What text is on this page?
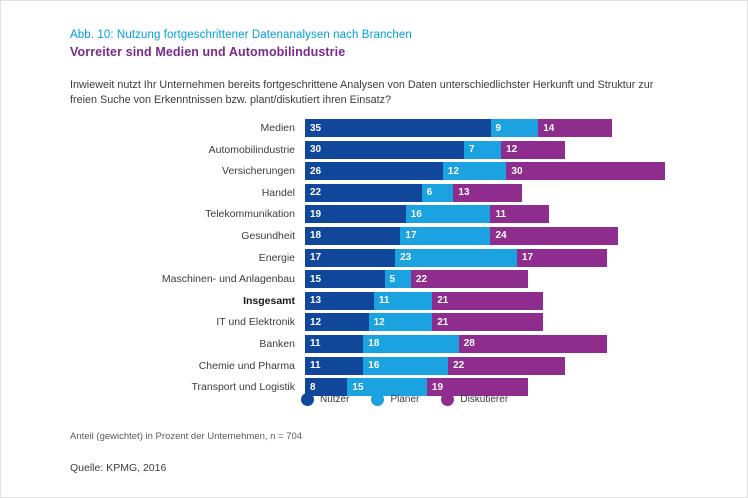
Abb. 10: Nutzung fortgeschrittener Datenanalysen nach Branchen
Vorreiter sind Medien und Automobilindustrie
Inwieweit nutzt Ihr Unternehmen bereits fortgeschrittene Analysen von Daten unterschiedlichster Herkunft und Struktur zur freien Suche von Erkenntnissen bzw. plant/diskutiert ihren Einsatz?
Medien	35	9	14
Automobilindustrie	30	7	12
Versicherungen	26	12	30
Handel	22	6	13
Telekommunikation	19	16	11
Gesundheit	18	17	24
Energie	17	23	17
Maschinen- und Anlagenbau	15	5	22
Insgesamt	13	11	21
IT und Elektronik	12	12	21
Banken	11	18	28
Chemie und Pharma	11	16	22
Transport und Logistik	8	15	19
Nutzer	Planer	Diskutierer
Anteil (gewichtet) in Prozent der Unternehmen, n = 704
Quelle: KPMG, 2016
